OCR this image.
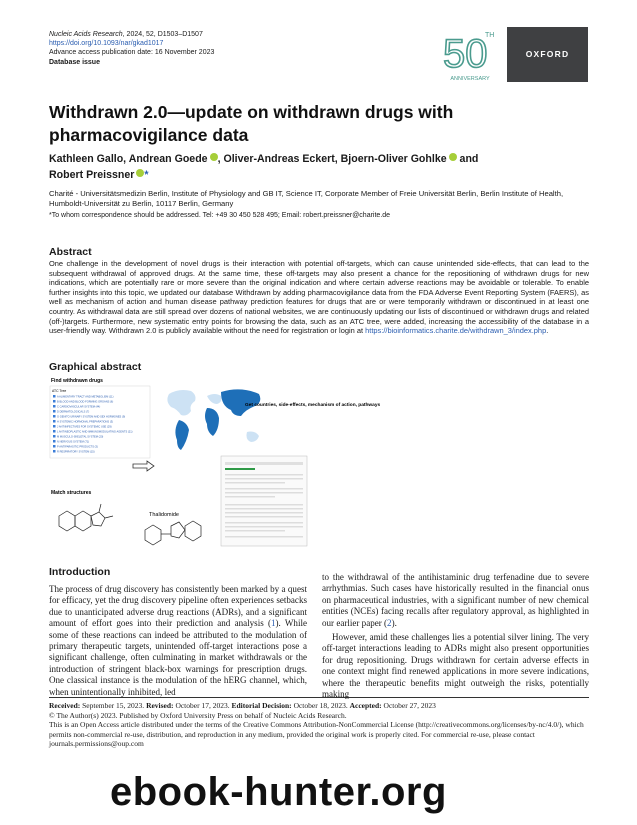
Nucleic Acids Research, 2024, 52, D1503–D1507
https://doi.org/10.1093/nar/gkad1017
Advance access publication date: 16 November 2023
Database issue	50
TH
ANNIVERSARY
OXFORD
Withdrawn 2.0—update on withdrawn drugs with pharmacovigilance data
Kathleen Gallo, Andrean Goede , Oliver-Andreas Eckert, Bjoern-Oliver Gohlke and
Robert Preissner *
Charité - Universitätsmedizin Berlin, Institute of Physiology and GB IT, Science IT, Corporate Member of Freie Universität Berlin, Berlin Institute of Health, Humboldt-Universität zu Berlin, 10117 Berlin, Germany
*To whom correspondence should be addressed. Tel: +49 30 450 528 495; Email: robert.preissner@charite.de
Abstract
One challenge in the development of novel drugs is their interaction with potential off-targets, which can cause unintended side-effects, that can lead to the subsequent withdrawal of approved drugs. At the same time, these off-targets may also present a chance for the repositioning of withdrawn drugs for new indications, which are potentially rare or more severe than the original indication and where certain adverse reactions may be avoidable or tolerable. To enable further insights into this topic, we updated our database Withdrawn by adding pharmacovigilance data from the FDA Adverse Event Reporting System (FAERS), as well as mechanism of action and human disease pathway prediction features for drugs that are or were temporarily withdrawn or discontinued in at least one country. As withdrawal data are still spread over dozens of national websites, we are continuously updating our lists of discontinued or withdrawn drugs and related (off-)targets. Furthermore, new systematic entry points for browsing the data, such as an ATC tree, were added, increasing the accessibility of the database in a user-friendly way. Withdrawn 2.0 is publicly available without the need for registration or login at https://bioinformatics.charite.de/withdrawn_3/index.php.
Graphical abstract
Find withdrawn drugs
ATC Tree
A ALIMENTARY TRACT AND METABOLISM (11)
B BLOOD AND BLOOD FORMING ORGANS (6)
C CARDIOVASCULAR SYSTEM (44)
D DERMATOLOGICALS (7)
G GENITO URINARY SYSTEM AND SEX HORMONES (9)
H SYSTEMIC HORMONAL PREPARATIONS (3)
J ANTIINFECTIVES FOR SYSTEMIC USE (29)
L ANTINEOPLASTIC AND IMMUNOMODULATING AGENTS (21)
M MUSCULO-SKELETAL SYSTEM (20)
N NERVOUS SYSTEM (71)
P ANTIPARASITIC PRODUCTS (3)
R RESPIRATORY SYSTEM (15)
Get countries, side-effects, mechanism of action, pathways
Match structures
Thalidomide
Introduction

The process of drug discovery has consistently been marked by a quest for efficacy, yet the drug discovery pipeline often experiences setbacks due to unanticipated adverse drug reactions (ADRs), and a significant amount of effort goes into their prediction and analysis (1). While some of these reactions can indeed be attributed to the modulation of primary therapeutic targets, unintended off-target interactions pose a significant challenge, often culminating in market withdrawals or the introduction of stringent black-box warnings for prescription drugs. One classical instance is the modulation of the hERG channel, which, when unintentionally inhibited, led

to the withdrawal of the antihistaminic drug terfenadine due to severe arrhythmias. Such cases have historically resulted in the financial onus on pharmaceutical industries, with a significant number of new chemical entities (NCEs) facing recalls after regulatory approval, as highlighted in our earlier paper (2).

However, amid these challenges lies a potential silver lining. The very off-target interactions leading to ADRs might also present opportunities for drug repositioning. Drugs withdrawn for certain adverse effects in one context might find renewed applications in more severe indications, where the therapeutic benefits might outweigh the risks, potentially making

Received: September 15, 2023. Revised: October 17, 2023. Editorial Decision: October 18, 2023. Accepted: October 27, 2023
© The Author(s) 2023. Published by Oxford University Press on behalf of Nucleic Acids Research.
This is an Open Access article distributed under the terms of the Creative Commons Attribution-NonCommercial License (http://creativecommons.org/licenses/by-nc/4.0/), which permits non-commercial re-use, distribution, and reproduction in any medium, provided the original work is properly cited. For commercial re-use, please contact journals.permissions@oup.com
ebook-hunter.org
